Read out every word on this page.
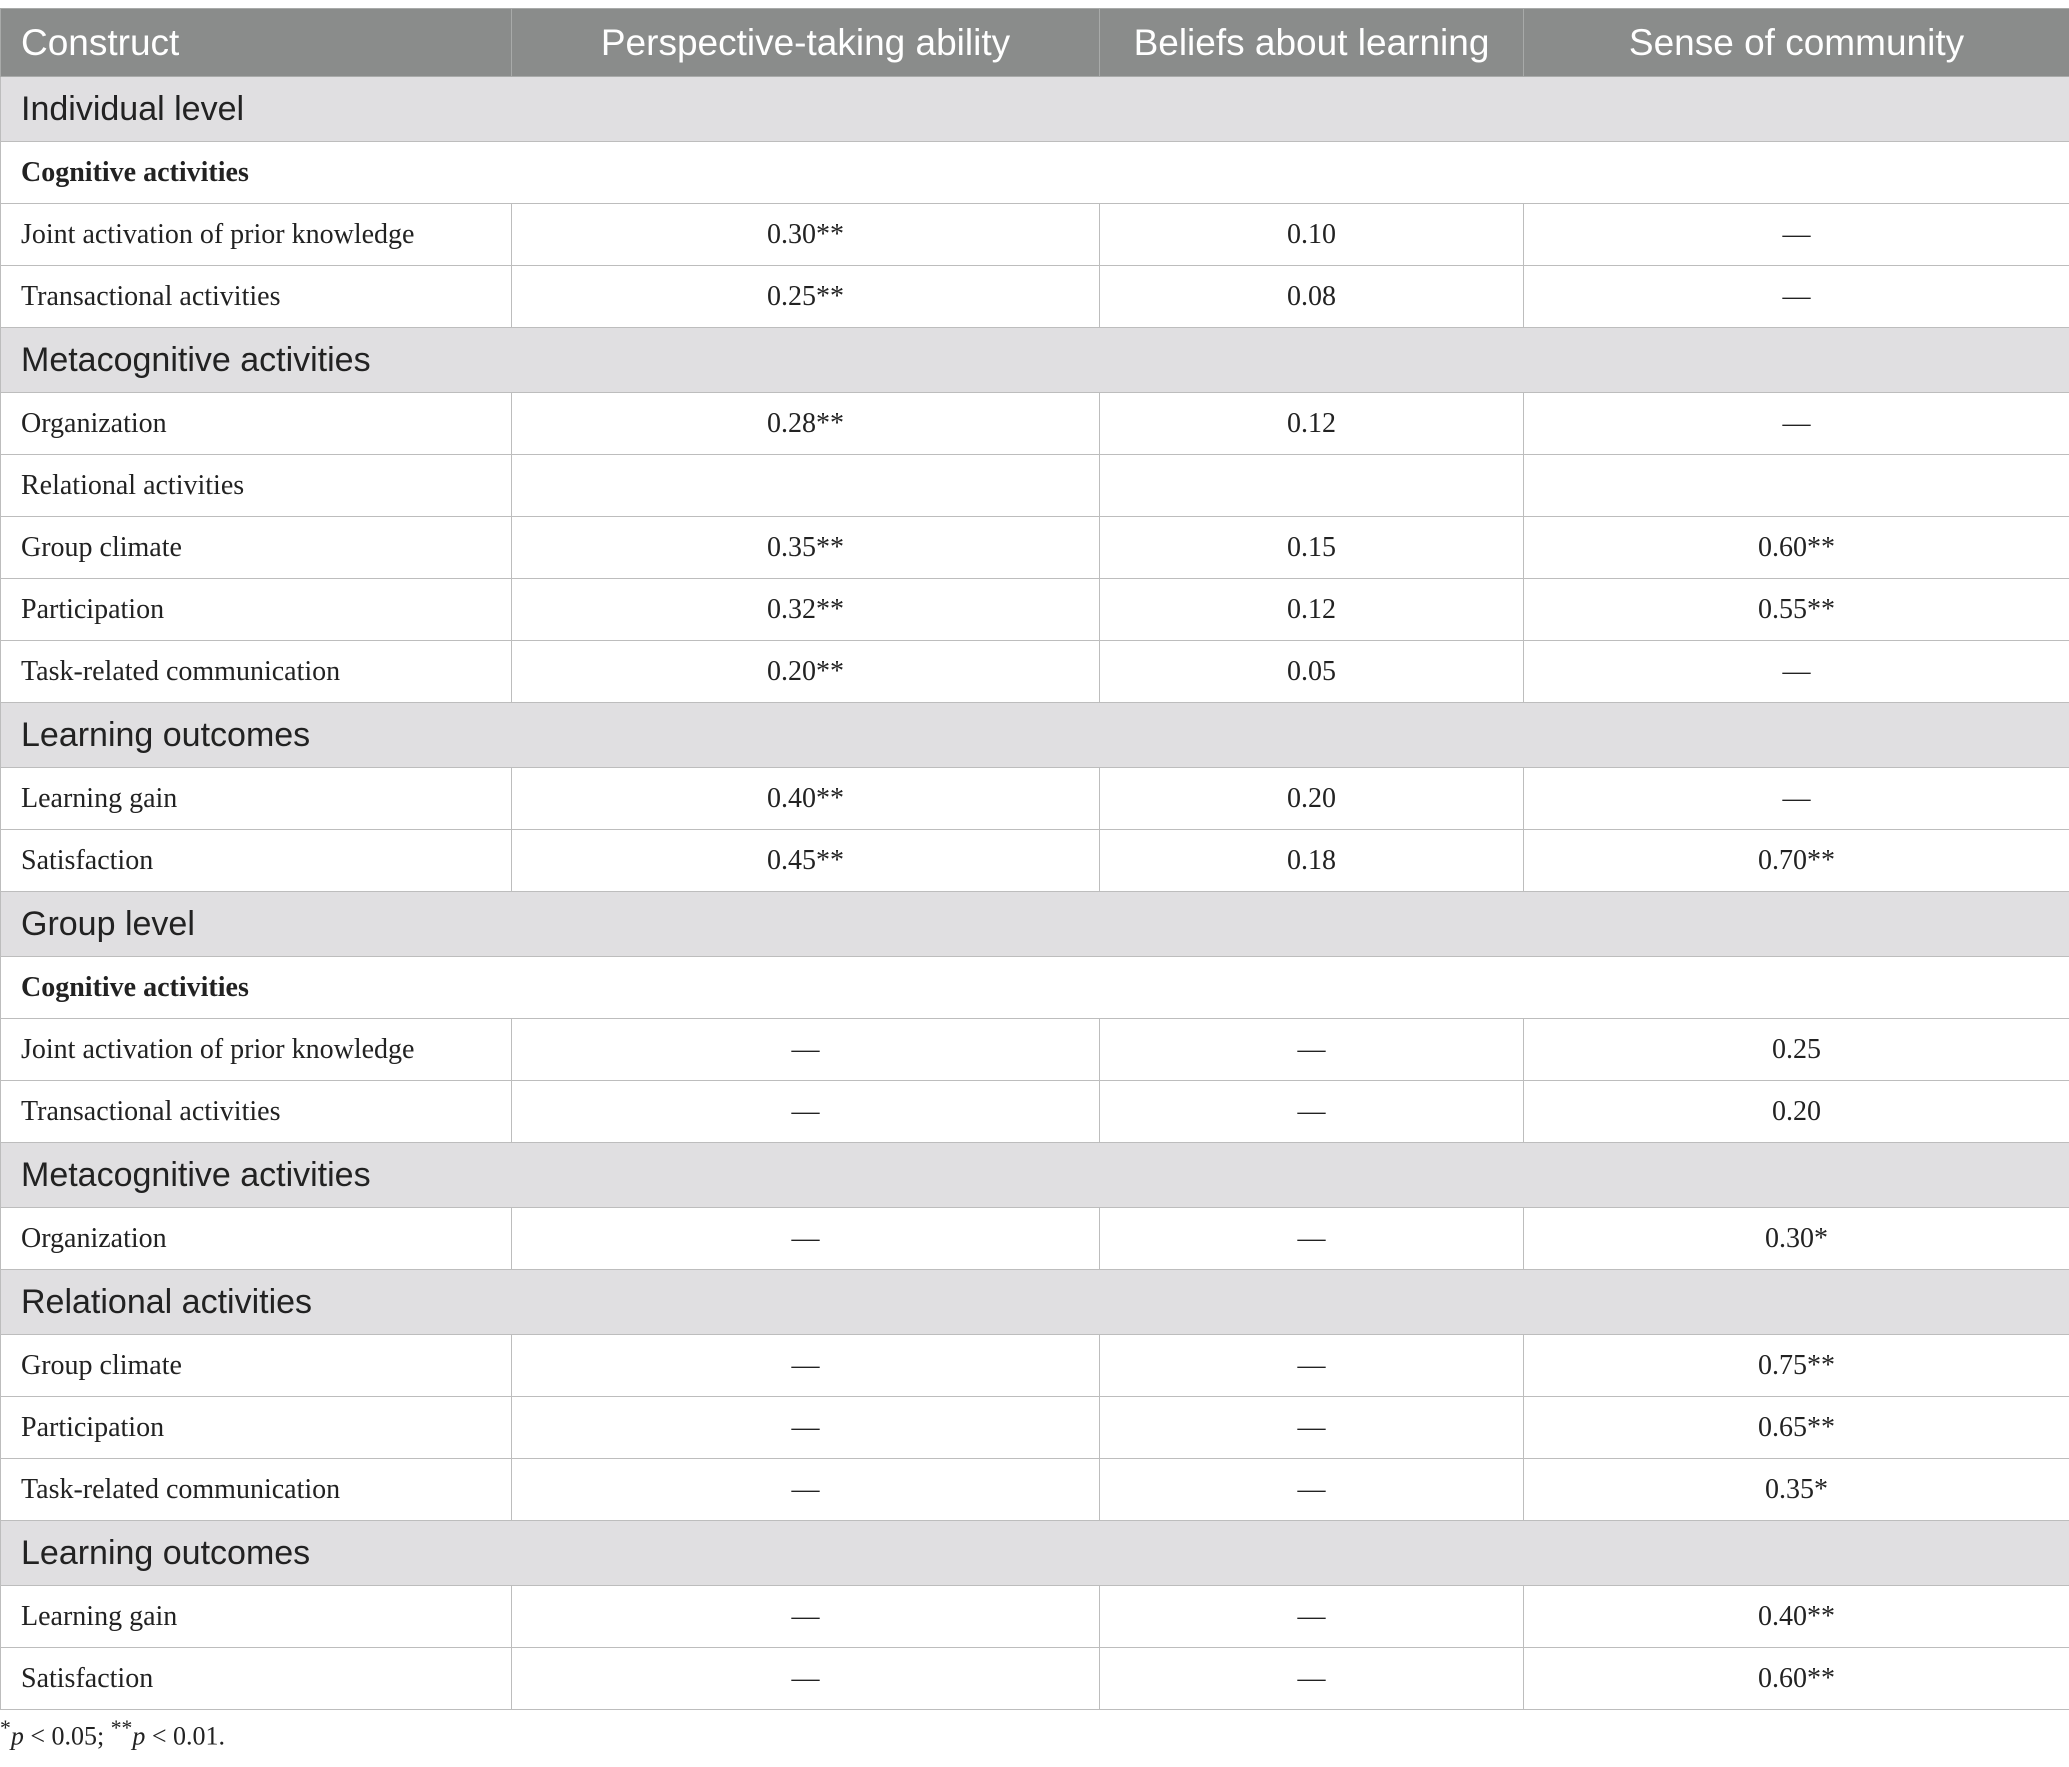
Construct	Perspective-taking ability	Beliefs about learning	Sense of community
Individual level			
Cognitive activities			
Joint activation of prior knowledge	0.30**	0.10	—
Transactional activities	0.25**	0.08	—
Metacognitive activities			
Organization	0.28**	0.12	—
Relational activities			
Group climate	0.35**	0.15	0.60**
Participation	0.32**	0.12	0.55**
Task-related communication	0.20**	0.05	—
Learning outcomes			
Learning gain	0.40**	0.20	—
Satisfaction	0.45**	0.18	0.70**
Group level			
Cognitive activities			
Joint activation of prior knowledge	—	—	0.25
Transactional activities	—	—	0.20
Metacognitive activities			
Organization	—	—	0.30*
Relational activities			
Group climate	—	—	0.75**
Participation	—	—	0.65**
Task-related communication	—	—	0.35*
Learning outcomes			
Learning gain	—	—	0.40**
Satisfaction	—	—	0.60**
*p < 0.05; **p < 0.01.
